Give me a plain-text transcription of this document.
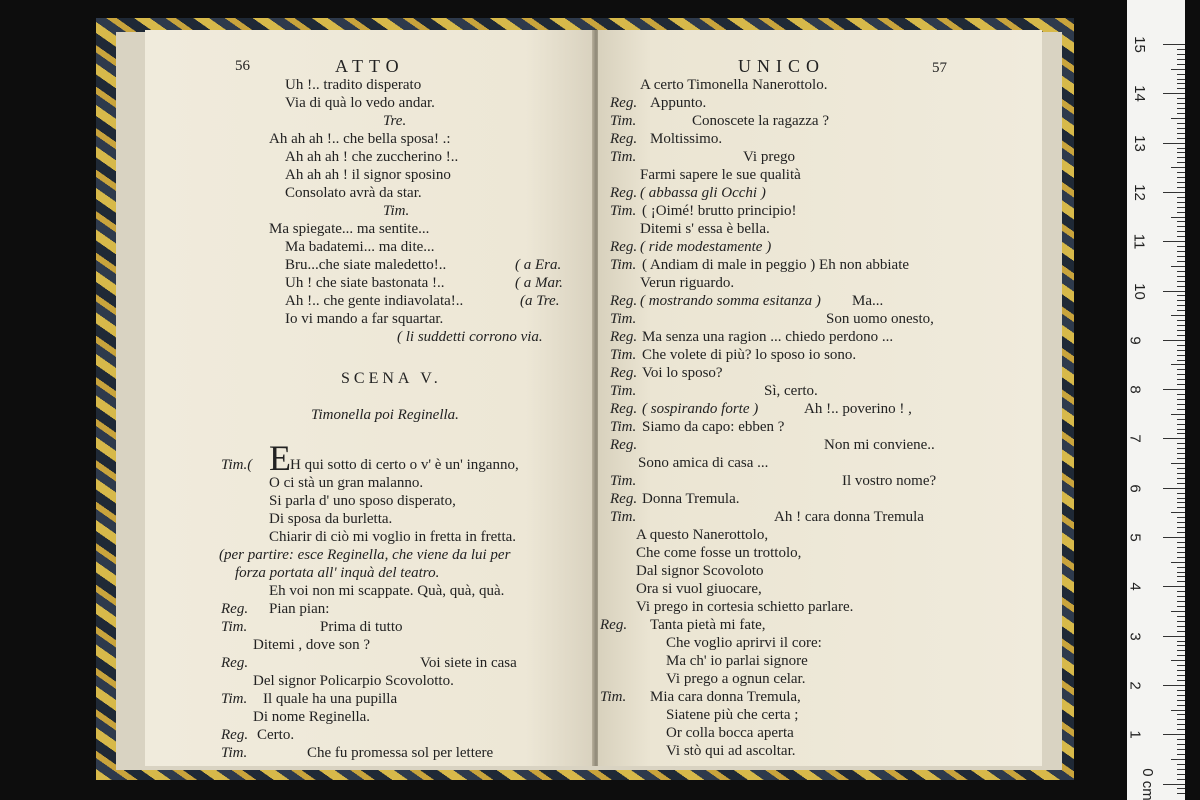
56	ATTO
Uh !.. tradito disperato
Via di quà lo vedo andar.
Tre.
Ah ah ah !.. che bella sposa! .:
Ah ah ah ! che zuccherino !..
Ah ah ah ! il signor sposino
Consolato avrà da star.
Tim.
Ma spiegate... ma sentite...
Ma badatemi... ma dite...
Bru...che siate maledetto!..	( a Era.
Uh ! che siate bastonata !..	( a Mar.
Ah !.. che gente indiavolata!..	(a Tre.
Io vi mando a far squartar.
( li suddetti corrono via.
SCENA V.
Timonella poi Reginella.
Tim.( E H qui sotto di certo o v' è un' inganno,
O ci stà un gran malanno.
Si parla d' uno sposo disperato,
Di sposa da burletta.
Chiarir di ciò mi voglio in fretta in fretta.
(per partire: esce Reginella, che viene da lui per
forza portata all' inquà del teatro.
Eh voi non mi scappate. Quà, quà, quà.
Reg. Pian pian:
Tim.	Prima di tutto
Ditemi , dove son ?
Reg.	Voi siete in casa
Del signor Policarpio Scovolotto.
Tim. Il quale ha una pupilla
Di nome Reginella.
Reg. Certo.
Tim.	Che fu promessa sol per lettere
UNICO	57
A certo Timonella Nanerottolo.
Reg. Appunto.
Tim.	Conoscete la ragazza ?
Reg. Moltissimo.
Tim.	Vi prego
Farmi sapere le sue qualità
Reg. ( abbassa gli Occhi )
Tim. ( ¡Oimé! brutto principio!
Ditemi s' essa è bella.
Reg. ( ride modestamente )
Tim. ( Andiam di male in peggio ) Eh non abbiate
Verun riguardo.
Reg. ( mostrando somma esitanza ) Ma...
Tim.	Son uomo onesto,
Reg. Ma senza una ragion ... chiedo perdono ...
Tim. Che volete di più? lo sposo io sono.
Reg. Voi lo sposo?
Tim.	Sì, certo.
Reg. ( sospirando forte )	Ah !.. poverino ! ,
Tim. Siamo da capo: ebben ?
Reg.	Non mi conviene..
Sono amica di casa ...
Tim.	Il vostro nome?
Reg. Donna Tremula.
Tim.	Ah ! cara donna Tremula
A questo Nanerottolo,
Che come fosse un trottolo,
Dal signor Scovoloto
Ora si vuol giuocare,
Vi prego in cortesia schietto parlare.
Reg. Tanta pietà mi fate,
Che voglio aprirvi il core:
Ma ch' io parlai signore
Vi prego a ognun celar.
Tim. Mia cara donna Tremula,
Siatene più che certa ;
Or colla bocca aperta
Vi stò qui ad ascoltar.
15
14
13
12
11
10
9
8
7
6
5
4
3
2
1
0 cm
